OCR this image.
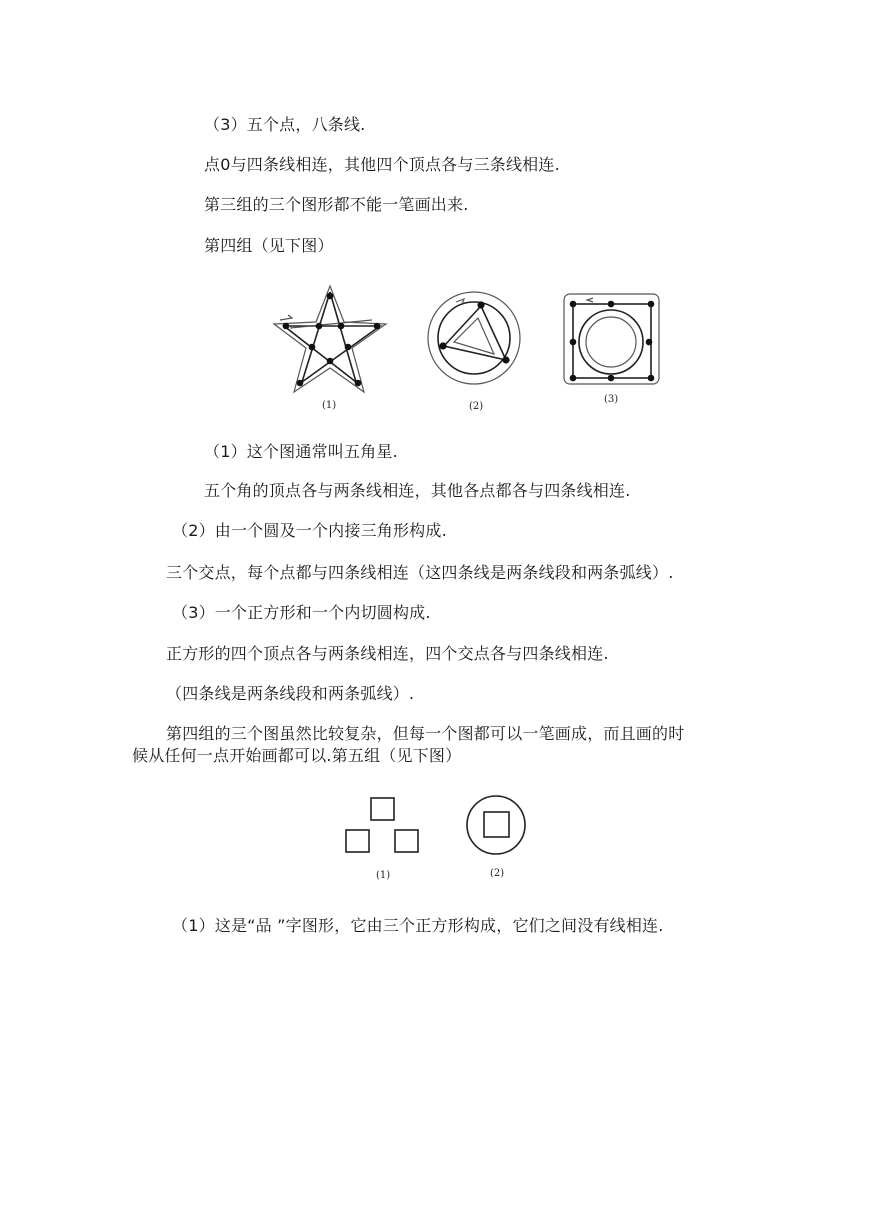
（3）五个点，八条线.
点0与四条线相连，其他四个顶点各与三条线相连.
第三组的三个图形都不能一笔画出来.
第四组（见下图）
(1)	(2)
(3)
（1）这个图通常叫五角星.
五个角的顶点各与两条线相连，其他各点都各与四条线相连.
（2）由一个圆及一个内接三角形构成.
三个交点，每个点都与四条线相连（这四条线是两条线段和两条弧线）.
（3）一个正方形和一个内切圆构成.
正方形的四个顶点各与两条线相连，四个交点各与四条线相连.
（四条线是两条线段和两条弧线）.
第四组的三个图虽然比较复杂，但每一个图都可以一笔画成，而且画的时
候从任何一点开始画都可以.第五组（见下图）
(1)	(2)
（1）这是“品 ”字图形，它由三个正方形构成，它们之间没有线相连.
